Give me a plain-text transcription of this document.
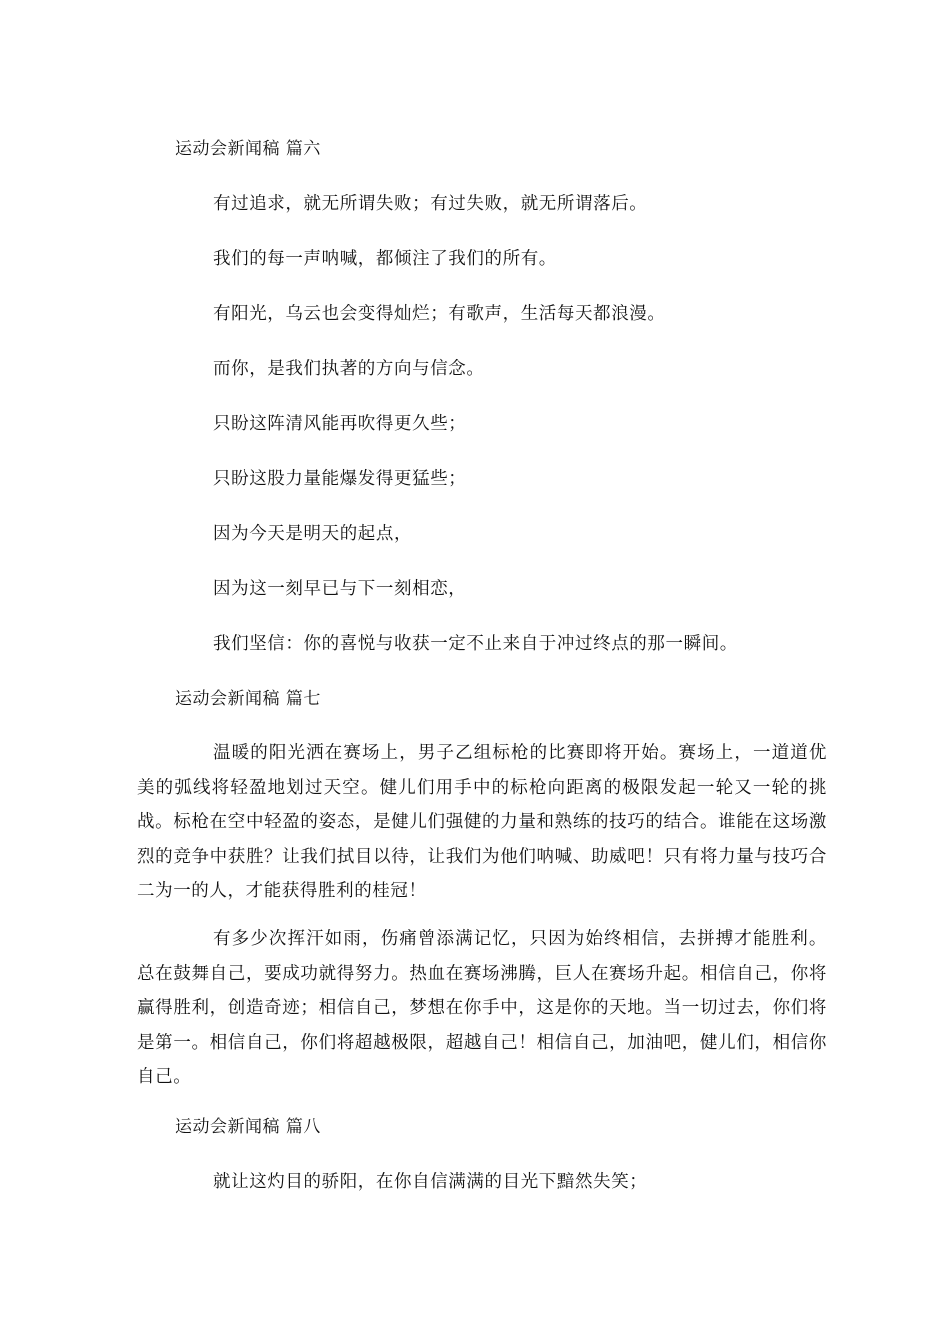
运动会新闻稿 篇六
有过追求，就无所谓失败；有过失败，就无所谓落后。
我们的每一声呐喊，都倾注了我们的所有。
有阳光，乌云也会变得灿烂；有歌声，生活每天都浪漫。
而你，是我们执著的方向与信念。
只盼这阵清风能再吹得更久些；
只盼这股力量能爆发得更猛些；
因为今天是明天的起点，
因为这一刻早已与下一刻相恋，
我们坚信：你的喜悦与收获一定不止来自于冲过终点的那一瞬间。
运动会新闻稿 篇七

温暖的阳光洒在赛场上，男子乙组标枪的比赛即将开始。赛场上，一道道优美的弧线将轻盈地划过天空。健儿们用手中的标枪向距离的极限发起一轮又一轮的挑战。标枪在空中轻盈的姿态，是健儿们强健的力量和熟练的技巧的结合。谁能在这场激烈的竞争中获胜？让我们拭目以待，让我们为他们呐喊、助威吧！只有将力量与技巧合二为一的人，才能获得胜利的桂冠！

有多少次挥汗如雨，伤痛曾添满记忆，只因为始终相信，去拼搏才能胜利。总在鼓舞自己，要成功就得努力。热血在赛场沸腾，巨人在赛场升起。相信自己，你将赢得胜利，创造奇迹；相信自己，梦想在你手中，这是你的天地。当一切过去，你们将是第一。相信自己，你们将超越极限，超越自己！相信自己，加油吧，健儿们，相信你自己。

运动会新闻稿 篇八
就让这灼目的骄阳，在你自信满满的目光下黯然失笑；
